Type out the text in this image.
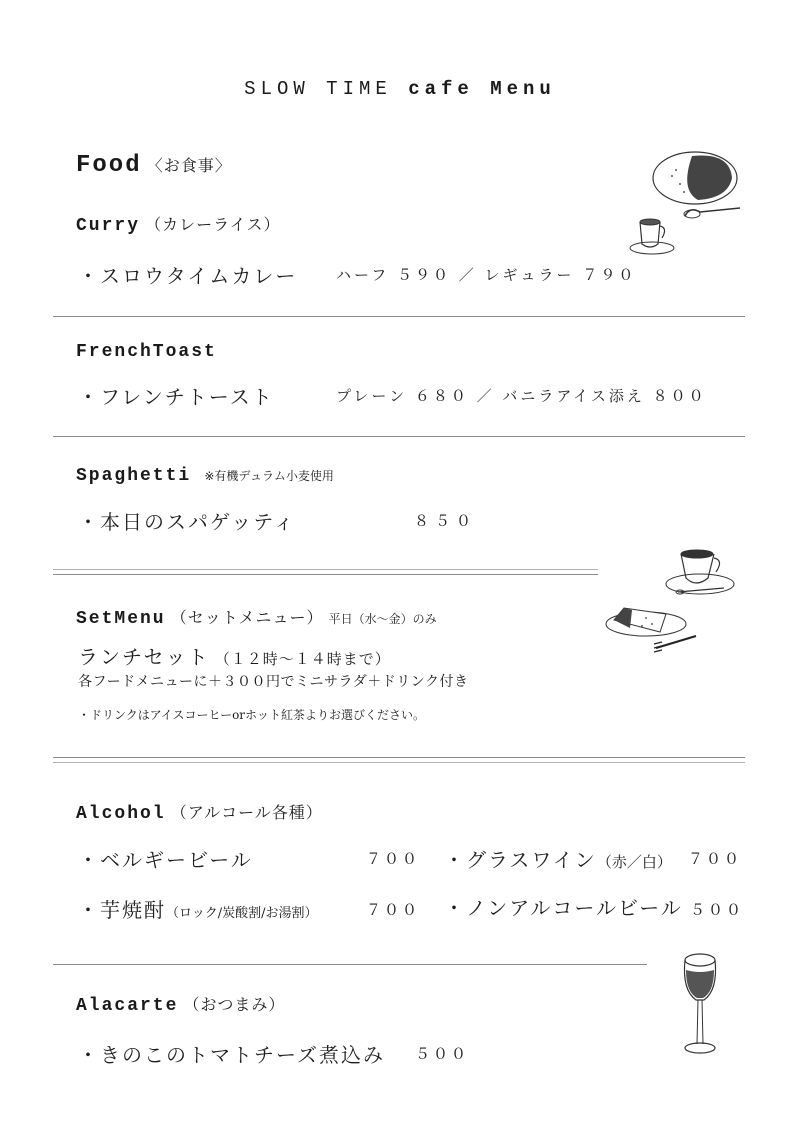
SLOW TIME cafe Menu
Food 〈お食事〉
Curry （カレーライス）
・スロウタイムカレー	ハーフ ５９０ ／ レギュラー ７９０
FrenchToast
・フレンチトースト	プレーン ６８０ ／ バニラアイス添え ８００
Spaghetti ※有機デュラム小麦使用
・本日のスパゲッティ	８５０
SetMenu （セットメニュー） 平日（水～金）のみ
ランチセット （１２時～１４時まで）
各フードメニューに＋３００円でミニサラダ＋ドリンク付き
・ドリンクはアイスコーヒーorホット紅茶よりお選びください。
Alcohol （アルコール各種）
・ベルギービール	７００ ・グラスワイン（赤／白） ７００
・芋焼酎（ロック/炭酸割/お湯割）	７００ ・ノンアルコールビール ５００
Alacarte （おつまみ）
・きのこのトマトチーズ煮込み ５００
